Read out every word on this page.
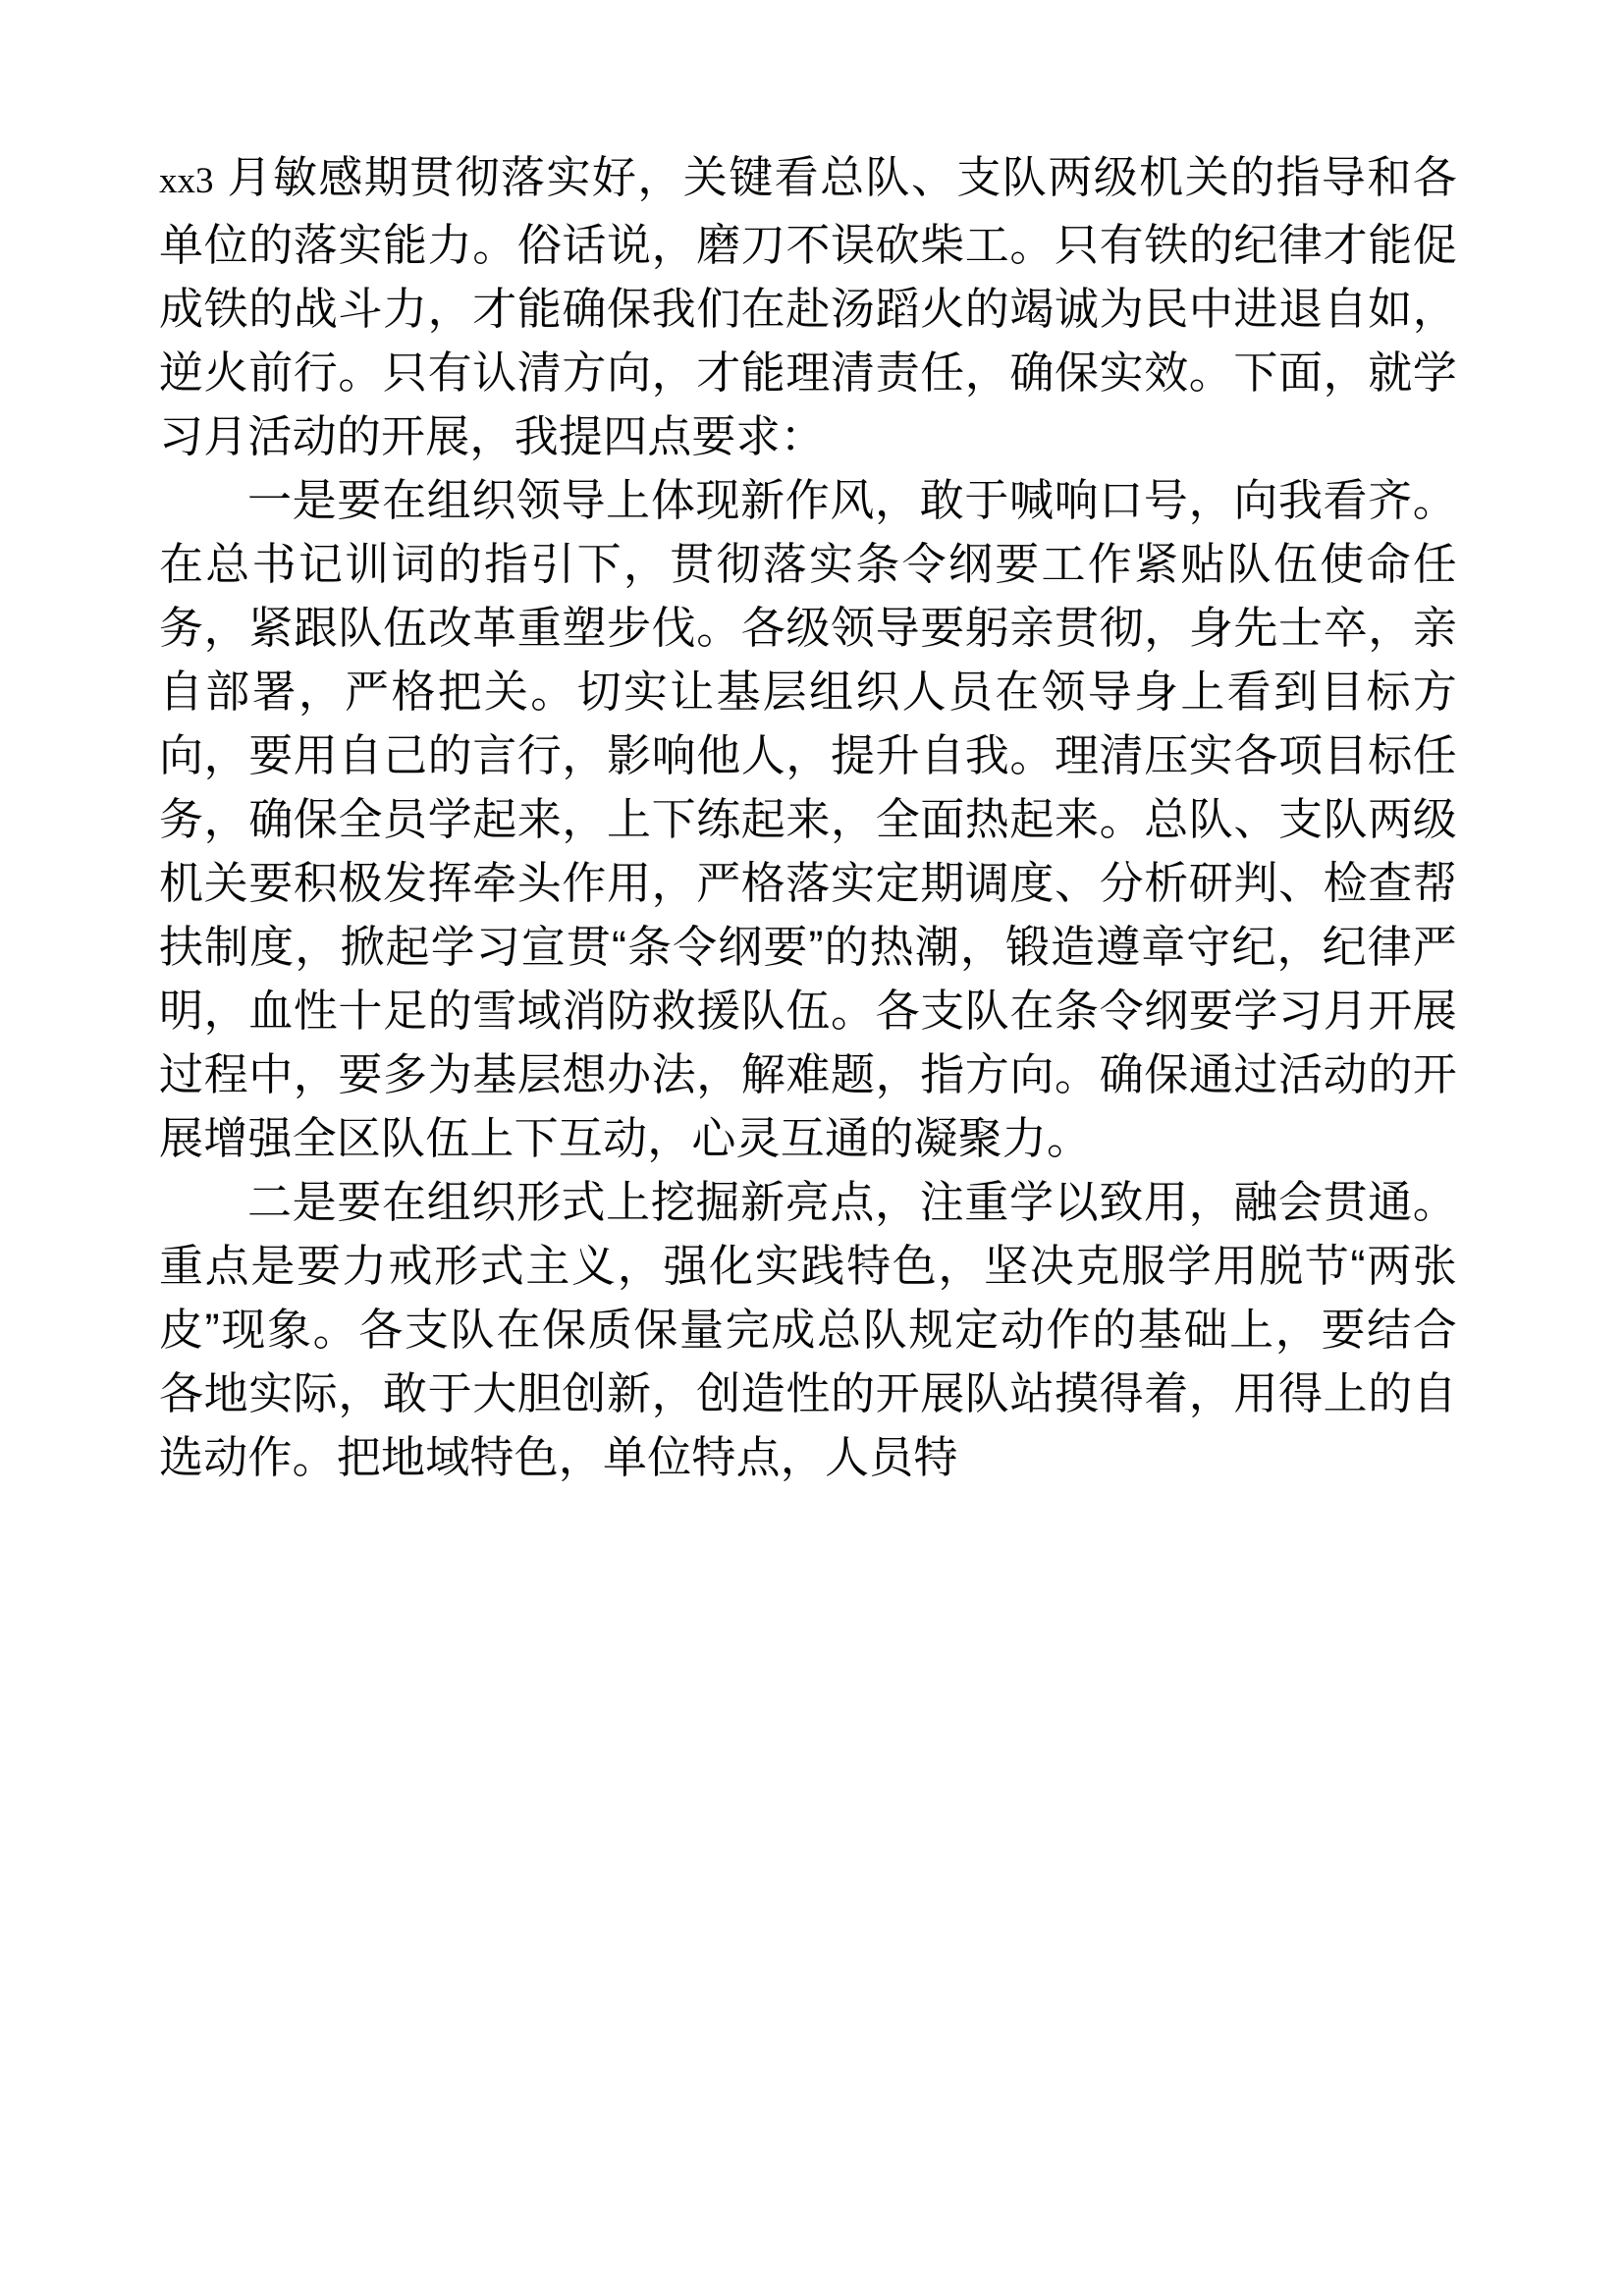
xx3 月敏感期贯彻落实好，关键看总队、支队两级机关的指导和各单位的落实能力。俗话说，磨刀不误砍柴工。只有铁的纪律才能促成铁的战斗力，才能确保我们在赴汤蹈火的竭诚为民中进退自如，逆火前行。只有认清方向，才能理清责任，确保实效。下面，就学习月活动的开展，我提四点要求：

一是要在组织领导上体现新作风，敢于喊响口号，向我看齐。在总书记训词的指引下，贯彻落实条令纲要工作紧贴队伍使命任务，紧跟队伍改革重塑步伐。各级领导要躬亲贯彻，身先士卒，亲自部署，严格把关。切实让基层组织人员在领导身上看到目标方向，要用自己的言行，影响他人，提升自我。理清压实各项目标任务，确保全员学起来，上下练起来，全面热起来。总队、支队两级机关要积极发挥牵头作用，严格落实定期调度、分析研判、检查帮扶制度，掀起学习宣贯“条令纲要”的热潮，锻造遵章守纪，纪律严明，血性十足的雪域消防救援队伍。各支队在条令纲要学习月开展过程中，要多为基层想办法，解难题，指方向。确保通过活动的开展增强全区队伍上下互动，心灵互通的凝聚力。

二是要在组织形式上挖掘新亮点，注重学以致用，融会贯通。重点是要力戒形式主义，强化实践特色，坚决克服学用脱节“两张皮”现象。各支队在保质保量完成总队规定动作的基础上，要结合各地实际，敢于大胆创新，创造性的开展队站摸得着，用得上的自选动作。把地域特色，单位特点，人员特
